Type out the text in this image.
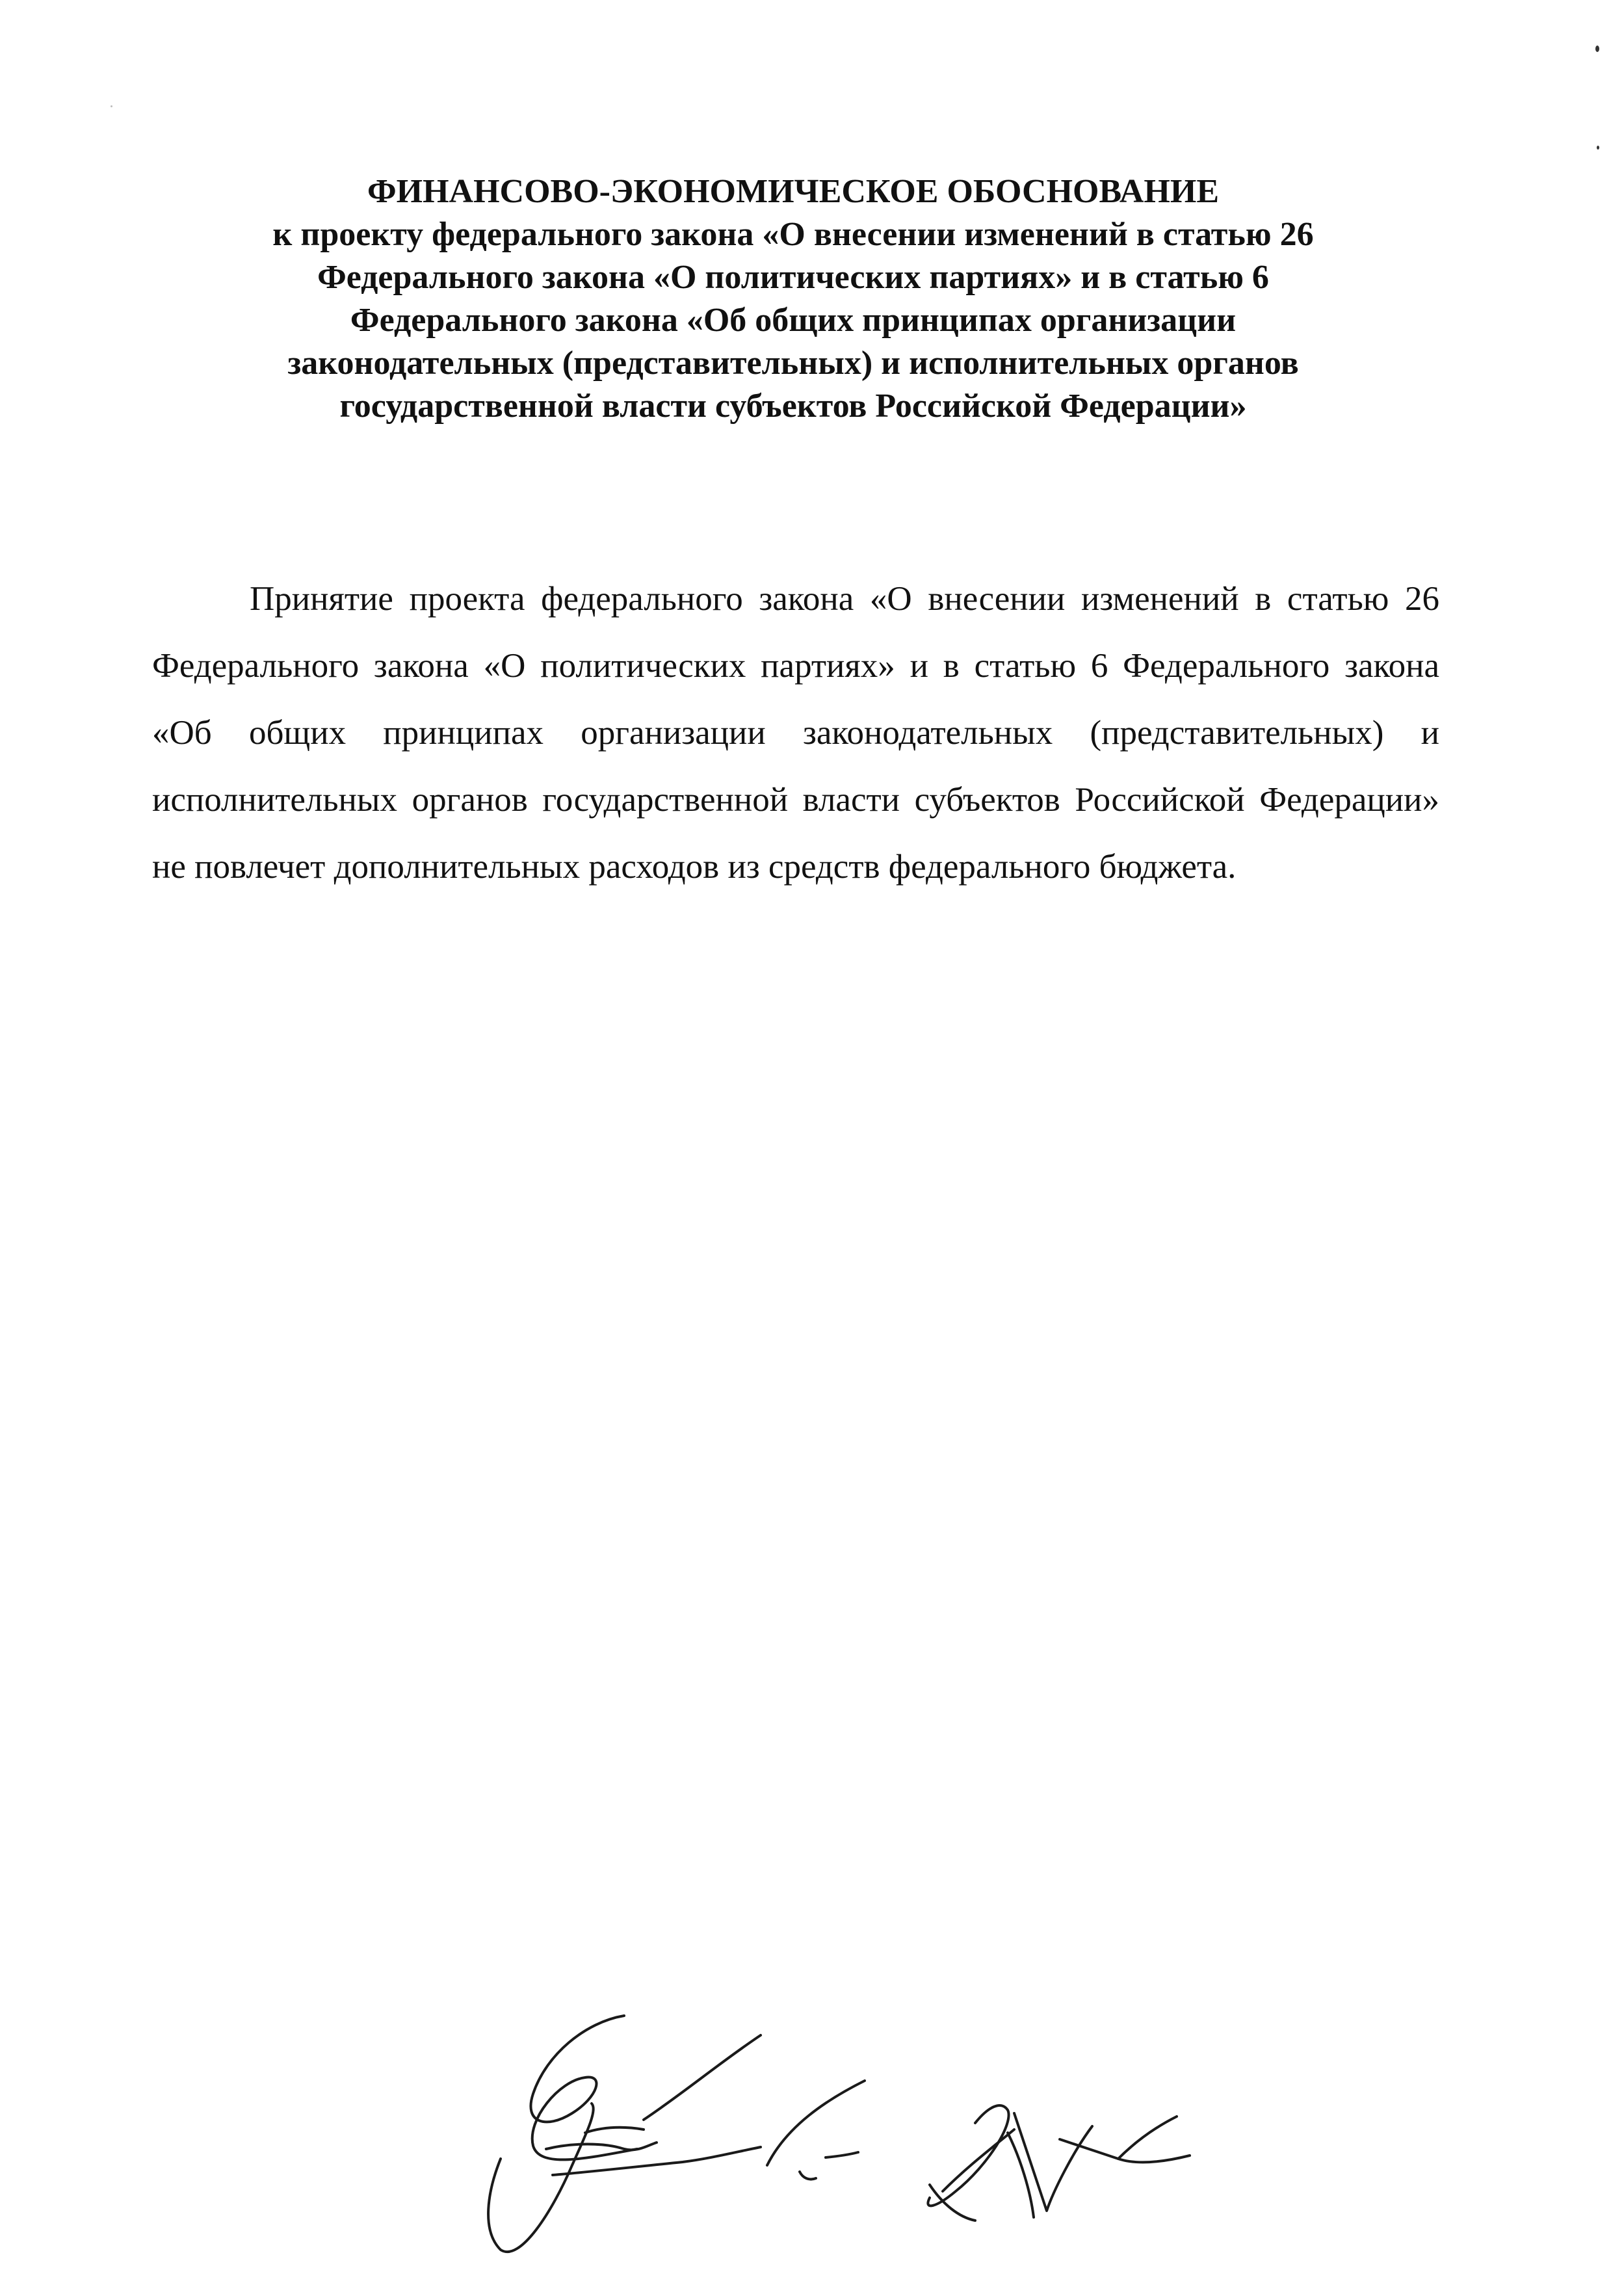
ФИНАНСОВО-ЭКОНОМИЧЕСКОЕ ОБОСНОВАНИЕ
к проекту федерального закона «О внесении изменений в статью 26
Федерального закона «О политических партиях» и в статью 6
Федерального закона «Об общих принципах организации
законодательных (представительных) и исполнительных органов
государственной власти субъектов Российской Федерации»

Принятие проекта федерального закона «О внесении изменений в статью 26 Федерального закона «О политических партиях» и в статью 6 Федерального закона «Об общих принципах организации законодательных (представительных) и исполнительных органов государственной власти субъектов Российской Федерации» не повлечет дополнительных расходов из средств федерального бюджета.
